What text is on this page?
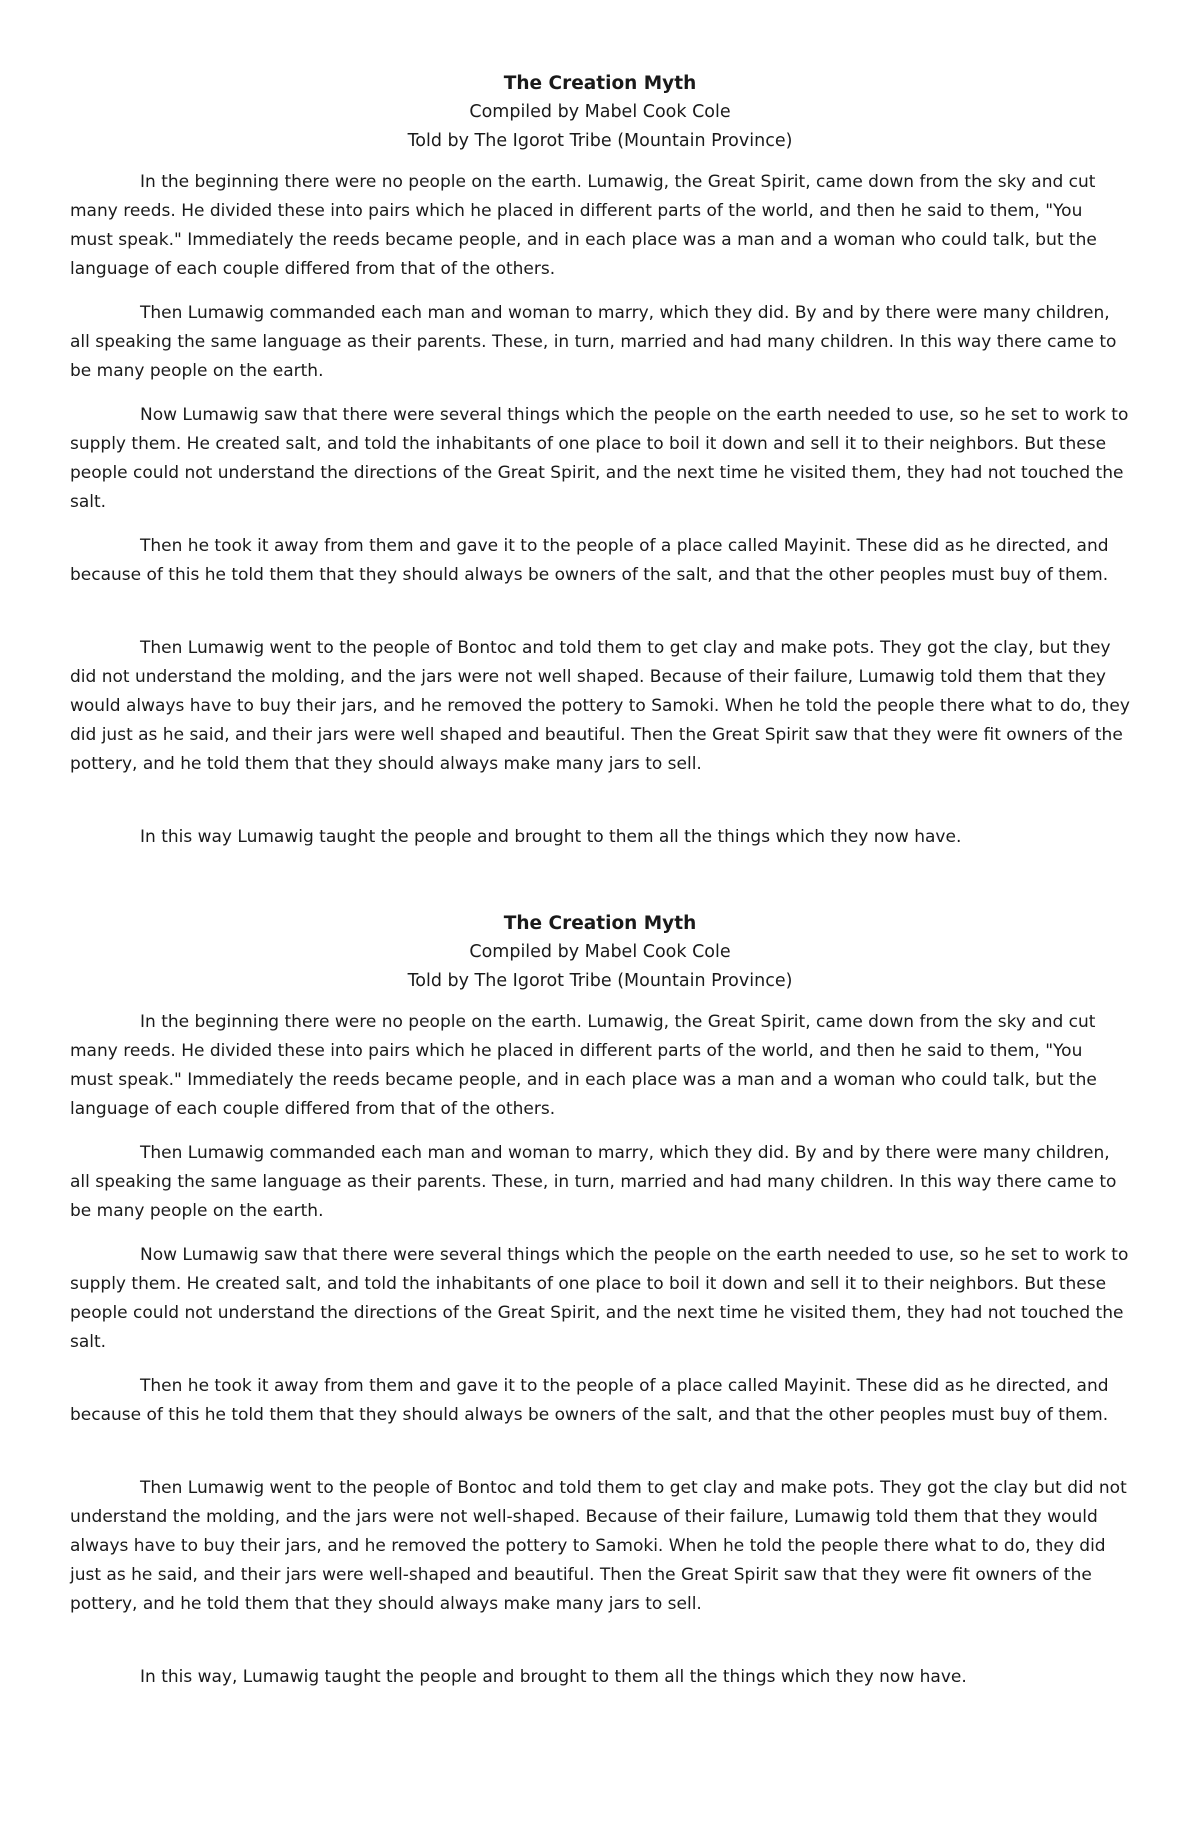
The Creation Myth

Compiled by Mabel Cook Cole

Told by The Igorot Tribe (Mountain Province)

In the beginning there were no people on the earth. Lumawig, the Great Spirit, came down from the sky and cut many reeds. He divided these into pairs which he placed in different parts of the world, and then he said to them, "You must speak." Immediately the reeds became people, and in each place was a man and a woman who could talk, but the language of each couple differed from that of the others.

Then Lumawig commanded each man and woman to marry, which they did. By and by there were many children, all speaking the same language as their parents. These, in turn, married and had many children. In this way there came to be many people on the earth.

Now Lumawig saw that there were several things which the people on the earth needed to use, so he set to work to supply them. He created salt, and told the inhabitants of one place to boil it down and sell it to their neighbors. But these people could not understand the directions of the Great Spirit, and the next time he visited them, they had not touched the salt.

Then he took it away from them and gave it to the people of a place called Mayinit. These did as he directed, and because of this he told them that they should always be owners of the salt, and that the other peoples must buy of them.

Then Lumawig went to the people of Bontoc and told them to get clay and make pots. They got the clay, but they did not understand the molding, and the jars were not well shaped. Because of their failure, Lumawig told them that they would always have to buy their jars, and he removed the pottery to Samoki. When he told the people there what to do, they did just as he said, and their jars were well shaped and beautiful. Then the Great Spirit saw that they were fit owners of the pottery, and he told them that they should always make many jars to sell.

In this way Lumawig taught the people and brought to them all the things which they now have.

The Creation Myth

Compiled by Mabel Cook Cole

Told by The Igorot Tribe (Mountain Province)

In the beginning there were no people on the earth. Lumawig, the Great Spirit, came down from the sky and cut many reeds. He divided these into pairs which he placed in different parts of the world, and then he said to them, "You must speak." Immediately the reeds became people, and in each place was a man and a woman who could talk, but the language of each couple differed from that of the others.

Then Lumawig commanded each man and woman to marry, which they did. By and by there were many children, all speaking the same language as their parents. These, in turn, married and had many children. In this way there came to be many people on the earth.

Now Lumawig saw that there were several things which the people on the earth needed to use, so he set to work to supply them. He created salt, and told the inhabitants of one place to boil it down and sell it to their neighbors. But these people could not understand the directions of the Great Spirit, and the next time he visited them, they had not touched the salt.

Then he took it away from them and gave it to the people of a place called Mayinit. These did as he directed, and because of this he told them that they should always be owners of the salt, and that the other peoples must buy of them.

Then Lumawig went to the people of Bontoc and told them to get clay and make pots. They got the clay but did not understand the molding, and the jars were not well-shaped. Because of their failure, Lumawig told them that they would always have to buy their jars, and he removed the pottery to Samoki. When he told the people there what to do, they did just as he said, and their jars were well-shaped and beautiful. Then the Great Spirit saw that they were fit owners of the pottery, and he told them that they should always make many jars to sell.

In this way, Lumawig taught the people and brought to them all the things which they now have.
